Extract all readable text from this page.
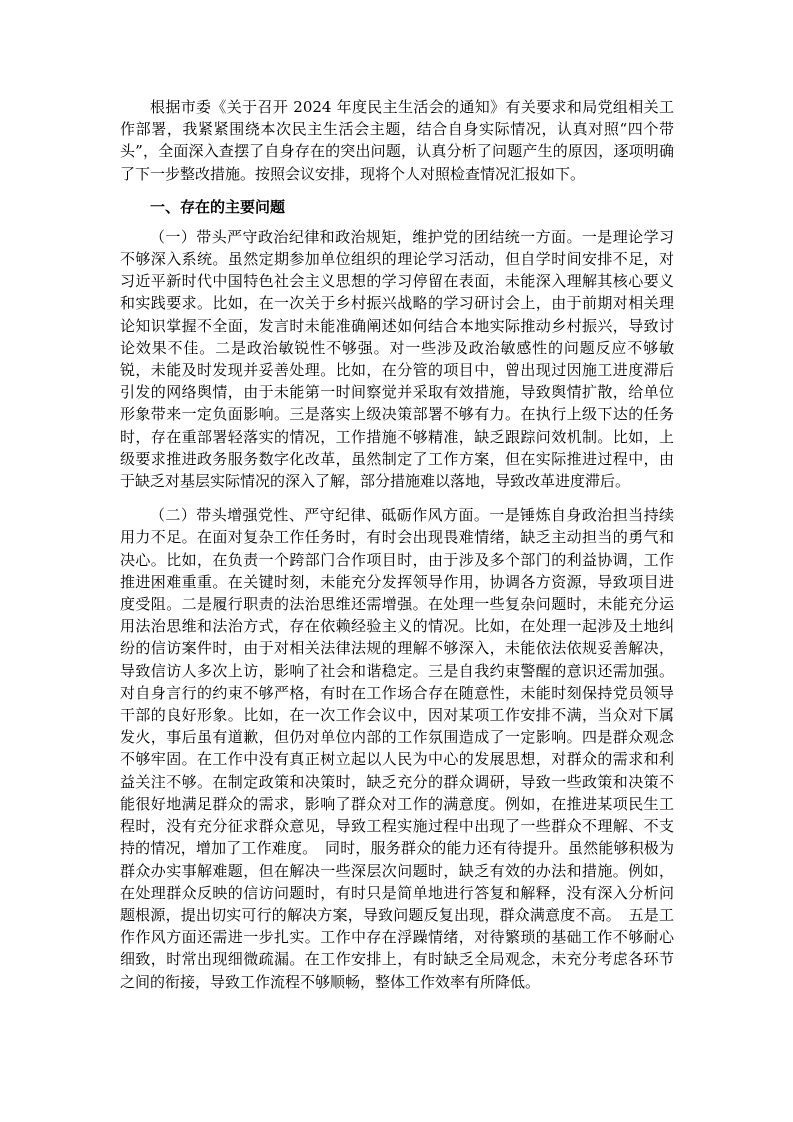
根据市委《关于召开 2024 年度民主生活会的通知》有关要求和局党组相关工作部署，我紧紧围绕本次民主生活会主题，结合自身实际情况，认真对照“四个带头”，全面深入查摆了自身存在的突出问题，认真分析了问题产生的原因，逐项明确了下一步整改措施。按照会议安排，现将个人对照检查情况汇报如下。

一、存在的主要问题

（一）带头严守政治纪律和政治规矩，维护党的团结统一方面。一是理论学习不够深入系统。虽然定期参加单位组织的理论学习活动，但自学时间安排不足，对习近平新时代中国特色社会主义思想的学习停留在表面，未能深入理解其核心要义和实践要求。比如，在一次关于乡村振兴战略的学习研讨会上，由于前期对相关理论知识掌握不全面，发言时未能准确阐述如何结合本地实际推动乡村振兴，导致讨论效果不佳。二是政治敏锐性不够强。对一些涉及政治敏感性的问题反应不够敏锐，未能及时发现并妥善处理。比如，在分管的项目中，曾出现过因施工进度滞后引发的网络舆情，由于未能第一时间察觉并采取有效措施，导致舆情扩散，给单位形象带来一定负面影响。三是落实上级决策部署不够有力。在执行上级下达的任务时，存在重部署轻落实的情况，工作措施不够精准，缺乏跟踪问效机制。比如，上级要求推进政务服务数字化改革，虽然制定了工作方案，但在实际推进过程中，由于缺乏对基层实际情况的深入了解，部分措施难以落地，导致改革进度滞后。

（二）带头增强党性、严守纪律、砥砺作风方面。一是锤炼自身政治担当持续用力不足。在面对复杂工作任务时，有时会出现畏难情绪，缺乏主动担当的勇气和决心。比如，在负责一个跨部门合作项目时，由于涉及多个部门的利益协调，工作推进困难重重。在关键时刻，未能充分发挥领导作用，协调各方资源，导致项目进度受阻。二是履行职责的法治思维还需增强。在处理一些复杂问题时，未能充分运用法治思维和法治方式，存在依赖经验主义的情况。比如，在处理一起涉及土地纠纷的信访案件时，由于对相关法律法规的理解不够深入，未能依法依规妥善解决，导致信访人多次上访，影响了社会和谐稳定。三是自我约束警醒的意识还需加强。对自身言行的约束不够严格，有时在工作场合存在随意性，未能时刻保持党员领导干部的良好形象。比如，在一次工作会议中，因对某项工作安排不满，当众对下属发火，事后虽有道歉，但仍对单位内部的工作氛围造成了一定影响。四是群众观念不够牢固。在工作中没有真正树立起以人民为中心的发展思想，对群众的需求和利益关注不够。在制定政策和决策时，缺乏充分的群众调研，导致一些政策和决策不能很好地满足群众的需求，影响了群众对工作的满意度。例如，在推进某项民生工程时，没有充分征求群众意见，导致工程实施过程中出现了一些群众不理解、不支持的情况，增加了工作难度。　同时，服务群众的能力还有待提升。虽然能够积极为群众办实事解难题，但在解决一些深层次问题时，缺乏有效的办法和措施。例如，在处理群众反映的信访问题时，有时只是简单地进行答复和解释，没有深入分析问题根源，提出切实可行的解决方案，导致问题反复出现，群众满意度不高。　五是工作作风方面还需进一步扎实。工作中存在浮躁情绪，对待繁琐的基础工作不够耐心细致，时常出现细微疏漏。在工作安排上，有时缺乏全局观念，未充分考虑各环节之间的衔接，导致工作流程不够顺畅，整体工作效率有所降低。
